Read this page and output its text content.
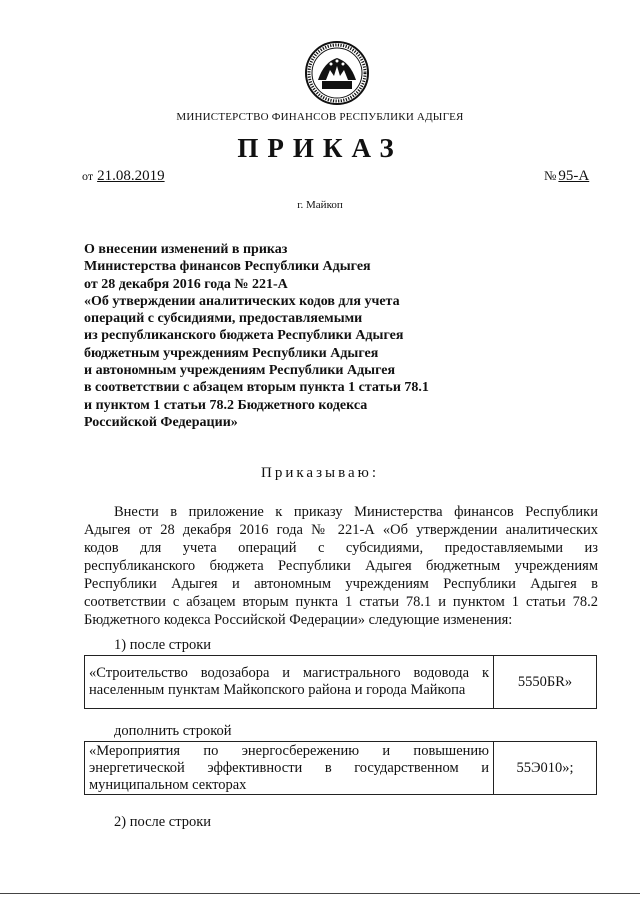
МИНИСТЕРСТВО ФИНАНСОВ РЕСПУБЛИКИ АДЫГЕЯ
ПРИКАЗ
от 21.08.2019	№ 95-А
г. Майкоп
О внесении изменений в приказ
Министерства финансов Республики Адыгея
от 28 декабря 2016 года № 221-А
«Об утверждении аналитических кодов для учета
операций с субсидиями, предоставляемыми
из республиканского бюджета Республики Адыгея
бюджетным учреждениям Республики Адыгея
и автономным учреждениям Республики Адыгея
в соответствии с абзацем вторым пункта 1 статьи 78.1
и пунктом 1 статьи 78.2 Бюджетного кодекса
Российской Федерации»
Приказываю:
Внести в приложение к приказу Министерства финансов Республики
Адыгея от 28 декабря 2016 года № 221-А «Об утверждении аналитических
кодов для учета операций с субсидиями, предоставляемыми из
республиканского бюджета Республики Адыгея бюджетным учреждениям
Республики Адыгея и автономным учреждениям Республики Адыгея в
соответствии с абзацем вторым пункта 1 статьи 78.1 и пунктом 1 статьи 78.2
Бюджетного кодекса Российской Федерации» следующие изменения:
1) после строки
«Строительство водозабора и магистрального водовода к населенным пунктам Майкопского района и города Майкопа	5550БR»
дополнить строкой
«Мероприятия по энергосбережению и повышению энергетической эффективности в государственном и муниципальном секторах	55Э010»;
2) после строки
